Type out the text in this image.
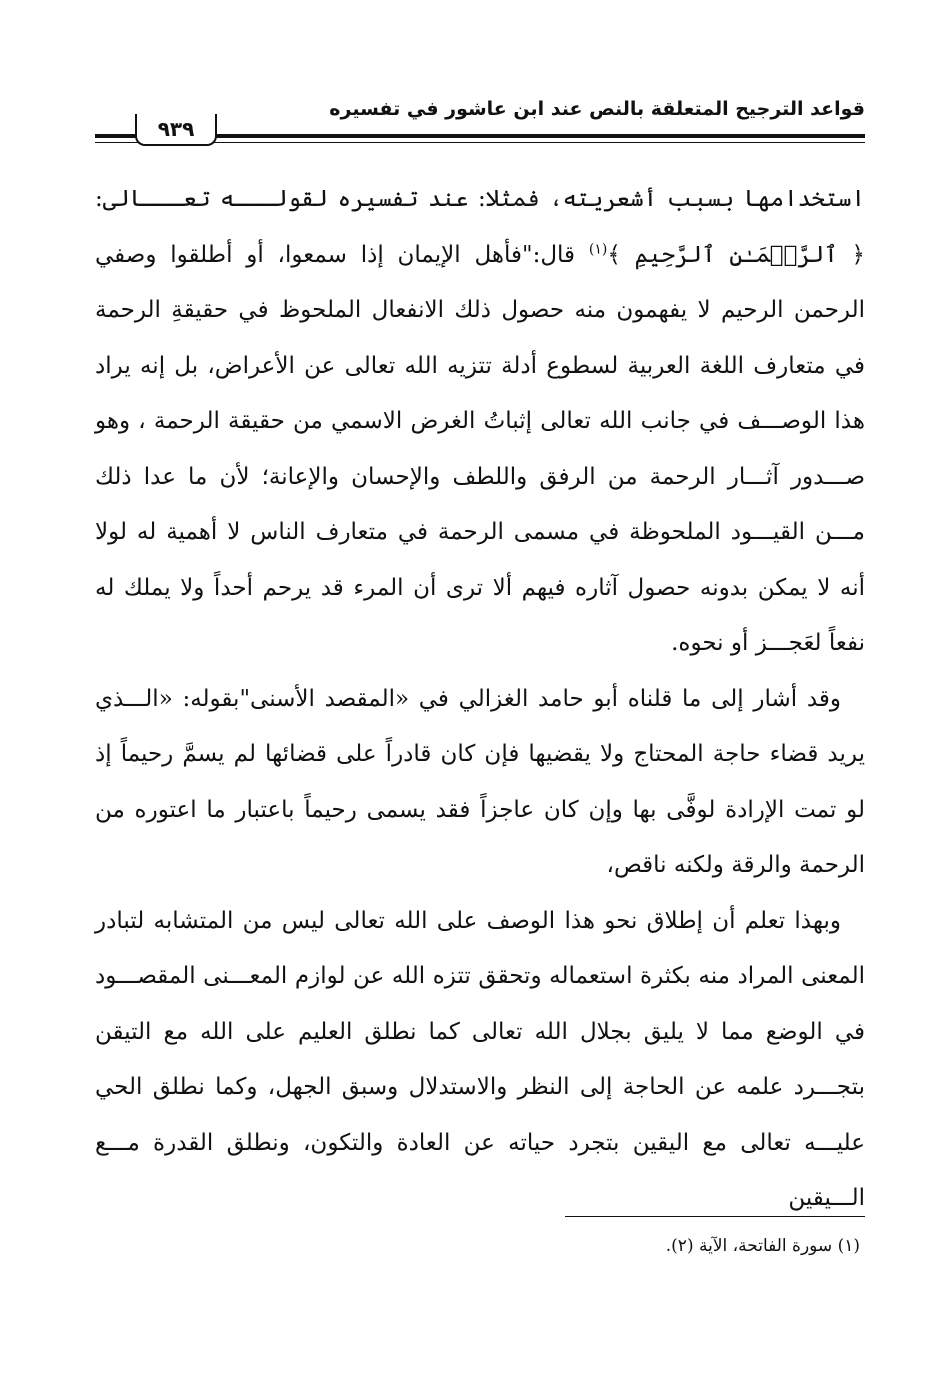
قواعد الترجيح المتعلقة بالنص عند ابن عاشور في تفسيره
٩٣٩

استخدامها بسبب أشعريته، فمثلا: عند تفسيره لقولـــه تعـــالى: ﴿ ٱلرَّحۡمَـٰنِ ٱلرَّحِيمِ ﴾$^{(١)}$ قال:"فأهل الإيمان إذا سمعوا، أو أطلقوا وصفي الرحمن الرحيم لا يفهمون منه حصول ذلك الانفعال الملحوظ في حقيقةِ الرحمة في متعارف اللغة العربية لسطوع أدلة تتزيه الله تعالى عن الأعراض، بل إنه يراد هذا الوصـــف في جانب الله تعالى إثباتُ الغرض الاسمي من حقيقة الرحمة ، وهو صـــدور آثـــار الرحمة من الرفق واللطف والإحسان والإعانة؛ لأن ما عدا ذلك مـــن القيـــود الملحوظة في مسمى الرحمة في متعارف الناس لا أهمية له لولا أنه لا يمكن بدونه حصول آثاره فيهم ألا ترى أن المرء قد يرحم أحداً ولا يملك له نفعاً لعَجـــز أو نحوه.

وقد أشار إلى ما قلناه أبو حامد الغزالي في «المقصد الأسنى"بقوله: «الـــذي يريد قضاء حاجة المحتاج ولا يقضيها فإن كان قادراً على قضائها لم يسمَّ رحيماً إذ لو تمت الإرادة لوفَّى بها وإن كان عاجزاً فقد يسمى رحيماً باعتبار ما اعتوره من الرحمة والرقة ولكنه ناقص،

وبهذا تعلم أن إطلاق نحو هذا الوصف على الله تعالى ليس من المتشابه لتبادر المعنى المراد منه بكثرة استعماله وتحقق تتزه الله عن لوازم المعـــنى المقصـــود في الوضع مما لا يليق بجلال الله تعالى كما نطلق العليم على الله مع التيقن بتجـــرد علمه عن الحاجة إلى النظر والاستدلال وسبق الجهل، وكما نطلق الحي عليـــه تعالى مع اليقين بتجرد حياته عن العادة والتكون، ونطلق القدرة مـــع الـــيقين

(١) سورة الفاتحة، الآية (٢).
